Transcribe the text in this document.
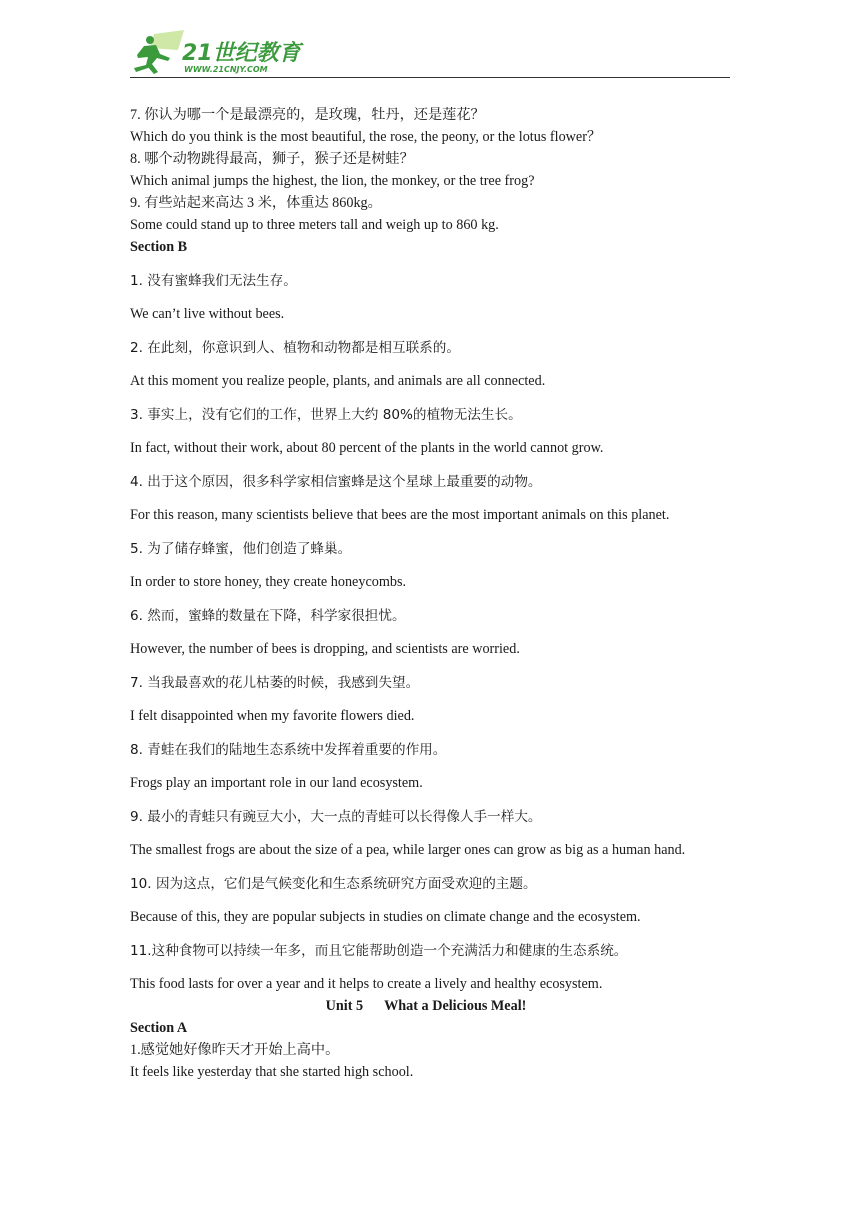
21世纪教育
WWW.21CNJY.COM
7. 你认为哪一个是最漂亮的，是玫瑰，牡丹，还是莲花？
Which do you think is the most beautiful, the rose, the peony, or the lotus flower？
8. 哪个动物跳得最高，狮子，猴子还是树蛙？
Which animal jumps the highest, the lion, the monkey, or the tree frog?
9. 有些站起来高达 3 米，体重达 860kg。
Some could stand up to three meters tall and weigh up to 860 kg.
Section B
1. 没有蜜蜂我们无法生存。
We can’t live without bees.
2. 在此刻，你意识到人、植物和动物都是相互联系的。
At this moment you realize people, plants, and animals are all connected.
3. 事实上，没有它们的工作，世界上大约 80%的植物无法生长。
In fact, without their work, about 80 percent of the plants in the world cannot grow.
4. 出于这个原因，很多科学家相信蜜蜂是这个星球上最重要的动物。
For this reason, many scientists believe that bees are the most important animals on this planet.
5. 为了储存蜂蜜，他们创造了蜂巢。
In order to store honey, they create honeycombs.
6. 然而，蜜蜂的数量在下降，科学家很担忧。
However, the number of bees is dropping, and scientists are worried.
7. 当我最喜欢的花儿枯萎的时候，我感到失望。
I felt disappointed when my favorite flowers died.
8. 青蛙在我们的陆地生态系统中发挥着重要的作用。
Frogs play an important role in our land ecosystem.
9. 最小的青蛙只有豌豆大小，大一点的青蛙可以长得像人手一样大。
The smallest frogs are about the size of a pea, while larger ones can grow as big as a human hand.
10. 因为这点，它们是气候变化和生态系统研究方面受欢迎的主题。
Because of this, they are popular subjects in studies on climate change and the ecosystem.
11.这种食物可以持续一年多，而且它能帮助创造一个充满活力和健康的生态系统。
This food lasts for over a year and it helps to create a lively and healthy ecosystem.
Unit 5      What a Delicious Meal!
Section A
1.感觉她好像昨天才开始上高中。
It feels like yesterday that she started high school.
